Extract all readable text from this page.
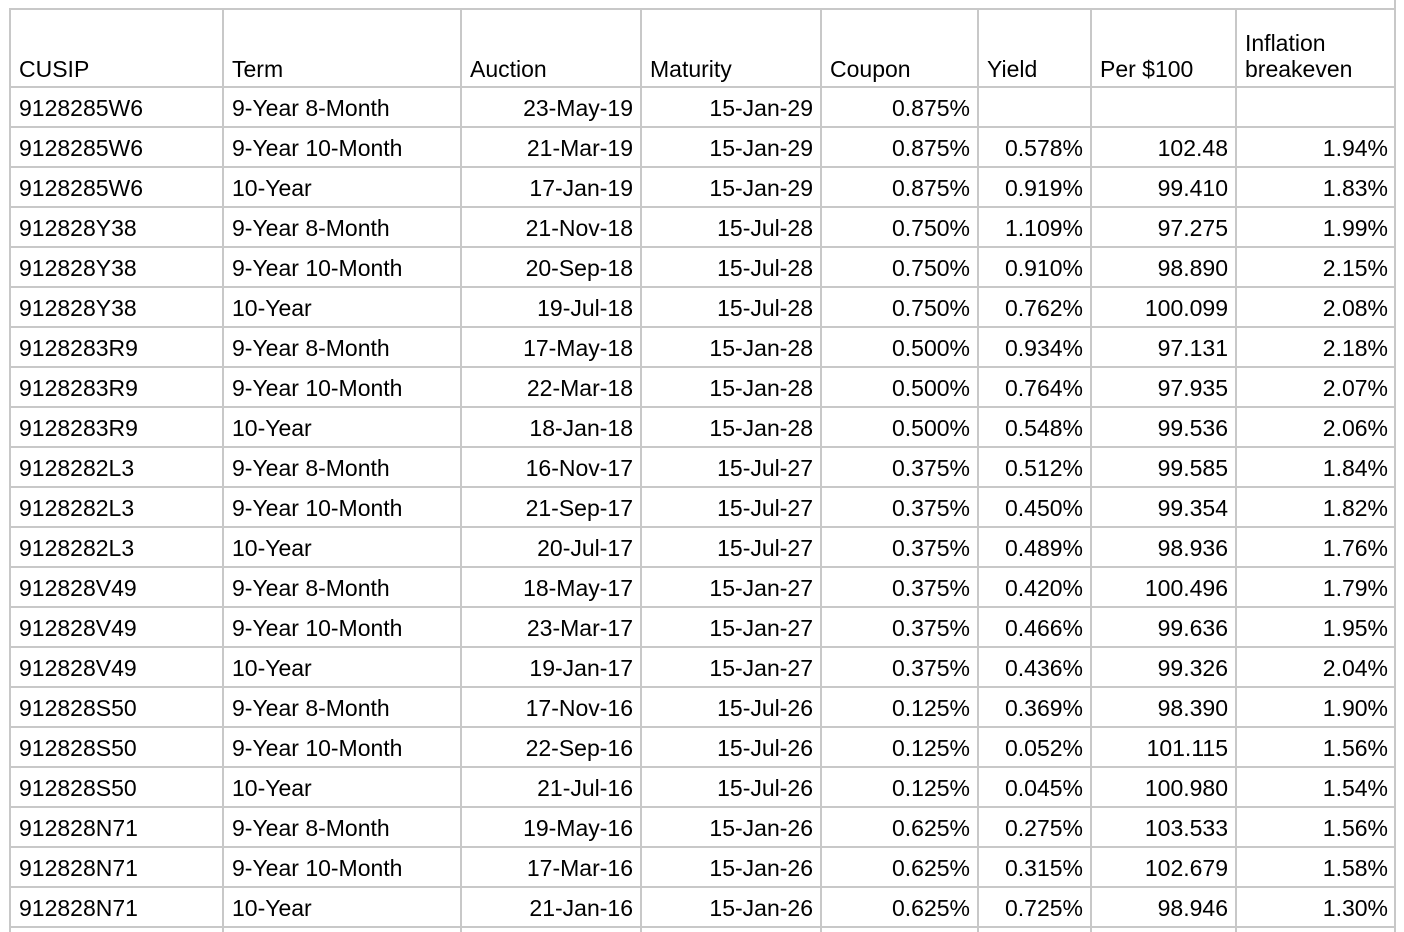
CUSIP	Term	Auction	Maturity	Coupon	Yield	Per $100	Inflation breakeven
9128285W6	9-Year 8-Month	23-May-19	15-Jan-29	0.875%			
9128285W6	9-Year 10-Month	21-Mar-19	15-Jan-29	0.875%	0.578%	102.48	1.94%
9128285W6	10-Year	17-Jan-19	15-Jan-29	0.875%	0.919%	99.410	1.83%
912828Y38	9-Year 8-Month	21-Nov-18	15-Jul-28	0.750%	1.109%	97.275	1.99%
912828Y38	9-Year 10-Month	20-Sep-18	15-Jul-28	0.750%	0.910%	98.890	2.15%
912828Y38	10-Year	19-Jul-18	15-Jul-28	0.750%	0.762%	100.099	2.08%
9128283R9	9-Year 8-Month	17-May-18	15-Jan-28	0.500%	0.934%	97.131	2.18%
9128283R9	9-Year 10-Month	22-Mar-18	15-Jan-28	0.500%	0.764%	97.935	2.07%
9128283R9	10-Year	18-Jan-18	15-Jan-28	0.500%	0.548%	99.536	2.06%
9128282L3	9-Year 8-Month	16-Nov-17	15-Jul-27	0.375%	0.512%	99.585	1.84%
9128282L3	9-Year 10-Month	21-Sep-17	15-Jul-27	0.375%	0.450%	99.354	1.82%
9128282L3	10-Year	20-Jul-17	15-Jul-27	0.375%	0.489%	98.936	1.76%
912828V49	9-Year 8-Month	18-May-17	15-Jan-27	0.375%	0.420%	100.496	1.79%
912828V49	9-Year 10-Month	23-Mar-17	15-Jan-27	0.375%	0.466%	99.636	1.95%
912828V49	10-Year	19-Jan-17	15-Jan-27	0.375%	0.436%	99.326	2.04%
912828S50	9-Year 8-Month	17-Nov-16	15-Jul-26	0.125%	0.369%	98.390	1.90%
912828S50	9-Year 10-Month	22-Sep-16	15-Jul-26	0.125%	0.052%	101.115	1.56%
912828S50	10-Year	21-Jul-16	15-Jul-26	0.125%	0.045%	100.980	1.54%
912828N71	9-Year 8-Month	19-May-16	15-Jan-26	0.625%	0.275%	103.533	1.56%
912828N71	9-Year 10-Month	17-Mar-16	15-Jan-26	0.625%	0.315%	102.679	1.58%
912828N71	10-Year	21-Jan-16	15-Jan-26	0.625%	0.725%	98.946	1.30%
